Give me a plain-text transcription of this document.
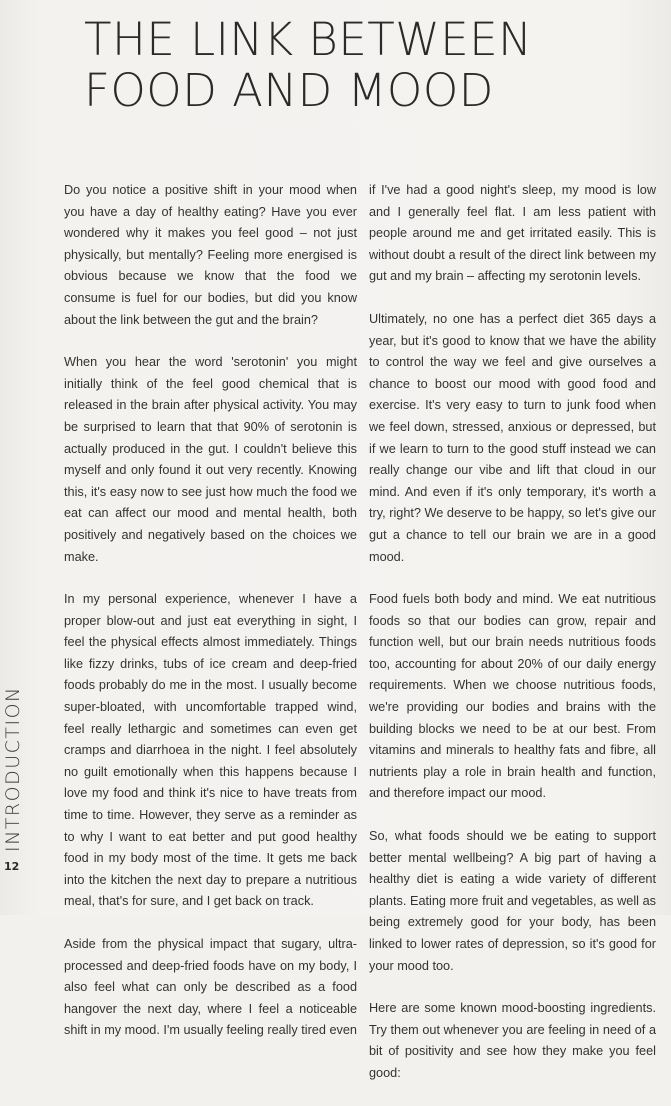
THE LINK BETWEEN FOOD AND MOOD

Do you notice a positive shift in your mood when you have a day of healthy eating? Have you ever wondered why it makes you feel good – not just physically, but mentally? Feeling more energised is obvious because we know that the food we consume is fuel for our bodies, but did you know about the link between the gut and the brain?

When you hear the word 'serotonin' you might initially think of the feel good chemical that is released in the brain after physical activity. You may be surprised to learn that that 90% of serotonin is actually produced in the gut. I couldn't believe this myself and only found it out very recently. Knowing this, it's easy now to see just how much the food we eat can affect our mood and mental health, both positively and negatively based on the choices we make.

In my personal experience, whenever I have a proper blow-out and just eat everything in sight, I feel the physical effects almost immediately. Things like fizzy drinks, tubs of ice cream and deep-fried foods probably do me in the most. I usually become super-bloated, with uncomfortable trapped wind, feel really lethargic and sometimes can even get cramps and diarrhoea in the night. I feel absolutely no guilt emotionally when this happens because I love my food and think it's nice to have treats from time to time. However, they serve as a reminder as to why I want to eat better and put good healthy food in my body most of the time. It gets me back into the kitchen the next day to prepare a nutritious meal, that's for sure, and I get back on track.

Aside from the physical impact that sugary, ultra-processed and deep-fried foods have on my body, I also feel what can only be described as a food hangover the next day, where I feel a noticeable shift in my mood. I'm usually feeling really tired even

if I've had a good night's sleep, my mood is low and I generally feel flat. I am less patient with people around me and get irritated easily. This is without doubt a result of the direct link between my gut and my brain – affecting my serotonin levels.

Ultimately, no one has a perfect diet 365 days a year, but it's good to know that we have the ability to control the way we feel and give ourselves a chance to boost our mood with good food and exercise. It's very easy to turn to junk food when we feel down, stressed, anxious or depressed, but if we learn to turn to the good stuff instead we can really change our vibe and lift that cloud in our mind. And even if it's only temporary, it's worth a try, right? We deserve to be happy, so let's give our gut a chance to tell our brain we are in a good mood.

Food fuels both body and mind. We eat nutritious foods so that our bodies can grow, repair and function well, but our brain needs nutritious foods too, accounting for about 20% of our daily energy requirements. When we choose nutritious foods, we're providing our bodies and brains with the building blocks we need to be at our best. From vitamins and minerals to healthy fats and fibre, all nutrients play a role in brain health and function, and therefore impact our mood.

So, what foods should we be eating to support better mental wellbeing? A big part of having a healthy diet is eating a wide variety of different plants. Eating more fruit and vegetables, as well as being extremely good for your body, has been linked to lower rates of depression, so it's good for your mood too.

Here are some known mood-boosting ingredients. Try them out whenever you are feeling in need of a bit of positivity and see how they make you feel good:

INTRODUCTION
12
